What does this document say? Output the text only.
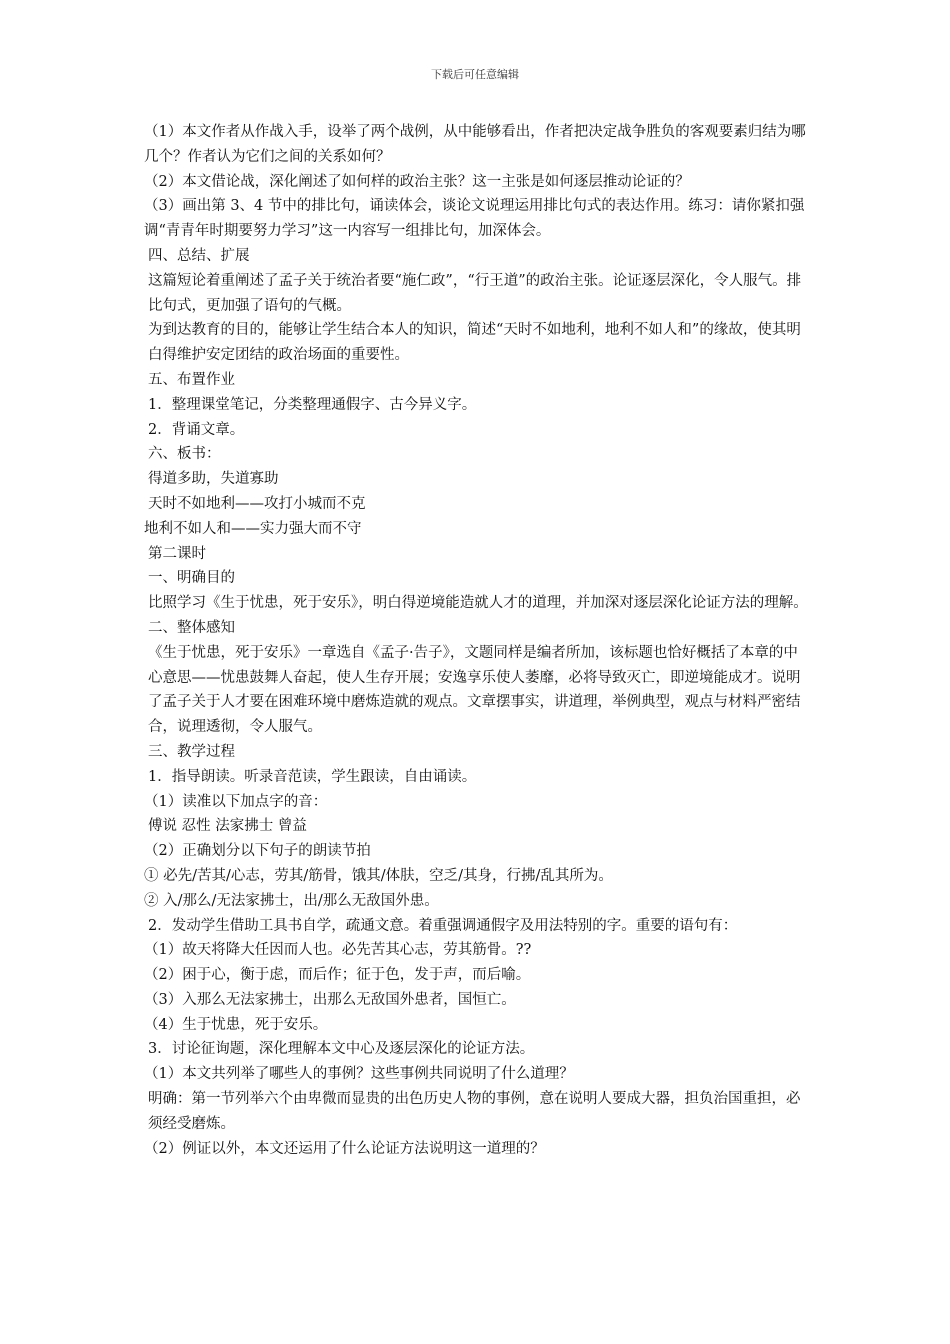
下载后可任意编辑

（1）本文作者从作战入手，设举了两个战例，从中能够看出，作者把决定战争胜负的客观要素归结为哪几个？作者认为它们之间的关系如何？

（2）本文借论战，深化阐述了如何样的政治主张？这一主张是如何逐层推动论证的？

（3）画出第 3、4 节中的排比句，诵读体会，谈论文说理运用排比句式的表达作用。练习：请你紧扣强调“青青年时期要努力学习”这一内容写一组排比句，加深体会。

四、总结、扩展

这篇短论着重阐述了孟子关于统治者要“施仁政”，“行王道”的政治主张。论证逐层深化，令人服气。排比句式，更加强了语句的气概。

为到达教育的目的，能够让学生结合本人的知识，简述“天时不如地利，地利不如人和”的缘故，使其明白得维护安定团结的政治场面的重要性。

五、布置作业

1．整理课堂笔记，分类整理通假字、古今异义字。

2．背诵文章。

六、板书：

得道多助，失道寡助

天时不如地利——攻打小城而不克

地利不如人和——实力强大而不守

第二课时

一、明确目的

比照学习《生于忧患，死于安乐》，明白得逆境能造就人才的道理，并加深对逐层深化论证方法的理解。

二、整体感知

《生于忧患，死于安乐》一章选自《孟子·告子》，文题同样是编者所加，该标题也恰好概括了本章的中心意思——忧患鼓舞人奋起，使人生存开展；安逸享乐使人萎靡，必将导致灭亡，即逆境能成才。说明了孟子关于人才要在困难环境中磨炼造就的观点。文章摆事实，讲道理，举例典型，观点与材料严密结合，说理透彻，令人服气。

三、教学过程

1．指导朗读。听录音范读，学生跟读，自由诵读。

（1）读准以下加点字的音：

傅说 忍性 法家拂士 曾益

（2）正确划分以下句子的朗读节拍

① 必先/苦其/心志，劳其/筋骨，饿其/体肤，空乏/其身，行拂/乱其所为。

② 入/那么/无法家拂士，出/那么无敌国外患。

2．发动学生借助工具书自学，疏通文意。着重强调通假字及用法特别的字。重要的语句有：

（1）故天将降大任因而人也。必先苦其心志，劳其筋骨。??

（2）困于心，衡于虑，而后作；征于色，发于声，而后喻。

（3）入那么无法家拂士，出那么无敌国外患者，国恒亡。

（4）生于忧患，死于安乐。

3．讨论征询题，深化理解本文中心及逐层深化的论证方法。

（1）本文共列举了哪些人的事例？这些事例共同说明了什么道理？

明确：第一节列举六个由卑微而显贵的出色历史人物的事例，意在说明人要成大器，担负治国重担，必须经受磨炼。

（2）例证以外，本文还运用了什么论证方法说明这一道理的？
